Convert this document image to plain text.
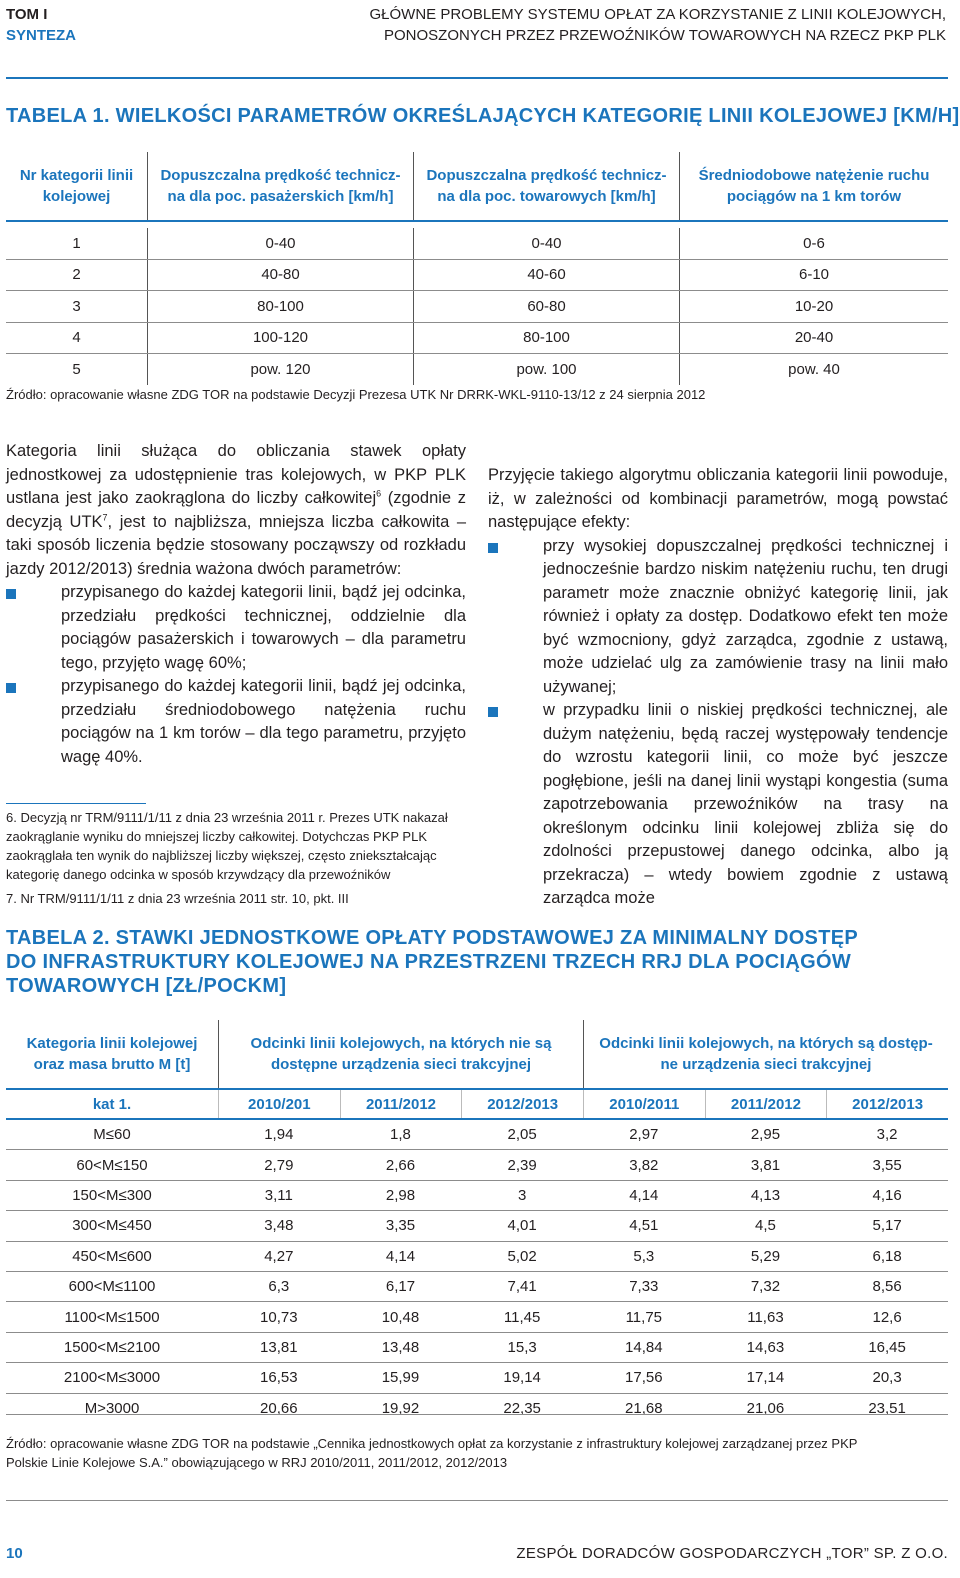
TOM I
SYNTEZA
GŁÓWNE PROBLEMY SYSTEMU OPŁAT ZA KORZYSTANIE Z LINII KOLEJOWYCH,
PONOSZONYCH PRZEZ PRZEWOŹNIKÓW TOWAROWYCH NA RZECZ PKP PLK
TABELA 1. WIELKOŚCI PARAMETRÓW OKREŚLAJĄCYCH KATEGORIĘ LINII KOLEJOWEJ [KM/H]
Nr kategorii linii
kolejowej
Dopuszczalna prędkość technicz-
na dla poc. pasażerskich [km/h]
Dopuszczalna prędkość technicz-
na dla poc. towarowych [km/h]
Średniodobowe natężenie ruchu
pociągów na 1 km torów
1	0-40	0-40	0-6
2	40-80	40-60	6-10
3	80-100	60-80	10-20
4	100-120	80-100	20-40
5	pow. 120	pow. 100	pow. 40
Źródło: opracowanie własne ZDG TOR na podstawie Decyzji Prezesa UTK Nr DRRK-WKL-9110-13/12 z 24 sierpnia 2012

Kategoria linii służąca do obliczania stawek opłaty jednostkowej za udostępnienie tras kolejowych, w PKP PLK ustlana jest jako zaokrąglona do liczby całkowitej$^6$ (zgodnie z decyzją UTK$^7$, jest to najbliższa, mniejsza liczba całkowita – taki sposób liczenia będzie stosowany począwszy od rozkładu jazdy 2012/2013) średnia ważona dwóch parametrów:

przypisanego do każdej kategorii linii, bądź jej odcinka, przedziału prędkości technicznej, oddzielnie dla pociągów pasażerskich i towarowych – dla parametru tego, przyjęto wagę 60%;

przypisanego do każdej kategorii linii, bądź jej odcinka, przedziału średniodobowego natężenia ruchu pociągów na 1 km torów – dla tego parametru, przyjęto wagę 40%.

6. Decyzją nr TRM/9111/1/11 z dnia 23 września 2011 r. Prezes UTK nakazał zaokrąglanie wyniku do mniejszej liczby całkowitej. Dotychczas PKP PLK zaokrąglała ten wynik do najbliższej liczby większej, często zniekształcając kategorię danego odcinka w sposób krzywdzący dla przewoźników

7. Nr TRM/9111/1/11 z dnia 23 września 2011 str. 10, pkt. III

Przyjęcie takiego algorytmu obliczania kategorii linii powoduje, iż, w zależności od kombinacji parametrów, mogą powstać następujące efekty:

przy wysokiej dopuszczalnej prędkości technicznej i jednocześnie bardzo niskim natężeniu ruchu, ten drugi parametr może znacznie obniżyć kategorię linii, jak również i opłaty za dostęp. Dodatkowo efekt ten może być wzmocniony, gdyż zarządca, zgodnie z ustawą, może udzielać ulg za zamówienie trasy na linii mało używanej;

w przypadku linii o niskiej prędkości technicznej, ale dużym natężeniu, będą raczej występowały tendencje do wzrostu kategorii linii, co może być jeszcze pogłębione, jeśli na danej linii wystąpi kongestia (suma zapotrzebowania przewoźników na trasy na określonym odcinku linii kolejowej zbliża się do zdolności przepustowej danego odcinka, albo ją przekracza) – wtedy bowiem zgodnie z ustawą zarządca może

TABELA 2. STAWKI JEDNOSTKOWE OPŁATY PODSTAWOWEJ ZA MINIMALNY DOSTĘP
DO INFRASTRUKTURY KOLEJOWEJ NA PRZESTRZENI TRZECH RRJ DLA POCIĄGÓW
TOWAROWYCH [ZŁ/POCKM]
Kategoria linii kolejowej
oraz masa brutto M [t]
Odcinki linii kolejowych, na których nie są
dostępne urządzenia sieci trakcyjnej
Odcinki linii kolejowych, na których są dostęp-
ne urządzenia sieci trakcyjnej
kat 1.	2010/201	2011/2012	2012/2013	2010/2011	2011/2012	2012/2013
M≤60	1,94	1,8	2,05	2,97	2,95	3,2
60<M≤150	2,79	2,66	2,39	3,82	3,81	3,55
150<M≤300	3,11	2,98	3	4,14	4,13	4,16
300<M≤450	3,48	3,35	4,01	4,51	4,5	5,17
450<M≤600	4,27	4,14	5,02	5,3	5,29	6,18
600<M≤1100	6,3	6,17	7,41	7,33	7,32	8,56
1100<M≤1500	10,73	10,48	11,45	11,75	11,63	12,6
1500<M≤2100	13,81	13,48	15,3	14,84	14,63	16,45
2100<M≤3000	16,53	15,99	19,14	17,56	17,14	20,3
M>3000	20,66	19,92	22,35	21,68	21,06	23,51
Źródło: opracowanie własne ZDG TOR na podstawie „Cennika jednostkowych opłat za korzystanie z infrastruktury kolejowej zarządzanej przez PKP
Polskie Linie Kolejowe S.A.” obowiązującego w RRJ 2010/2011, 2011/2012, 2012/2013
10	ZESPÓŁ DORADCÓW GOSPODARCZYCH „TOR” SP. Z O.O.
